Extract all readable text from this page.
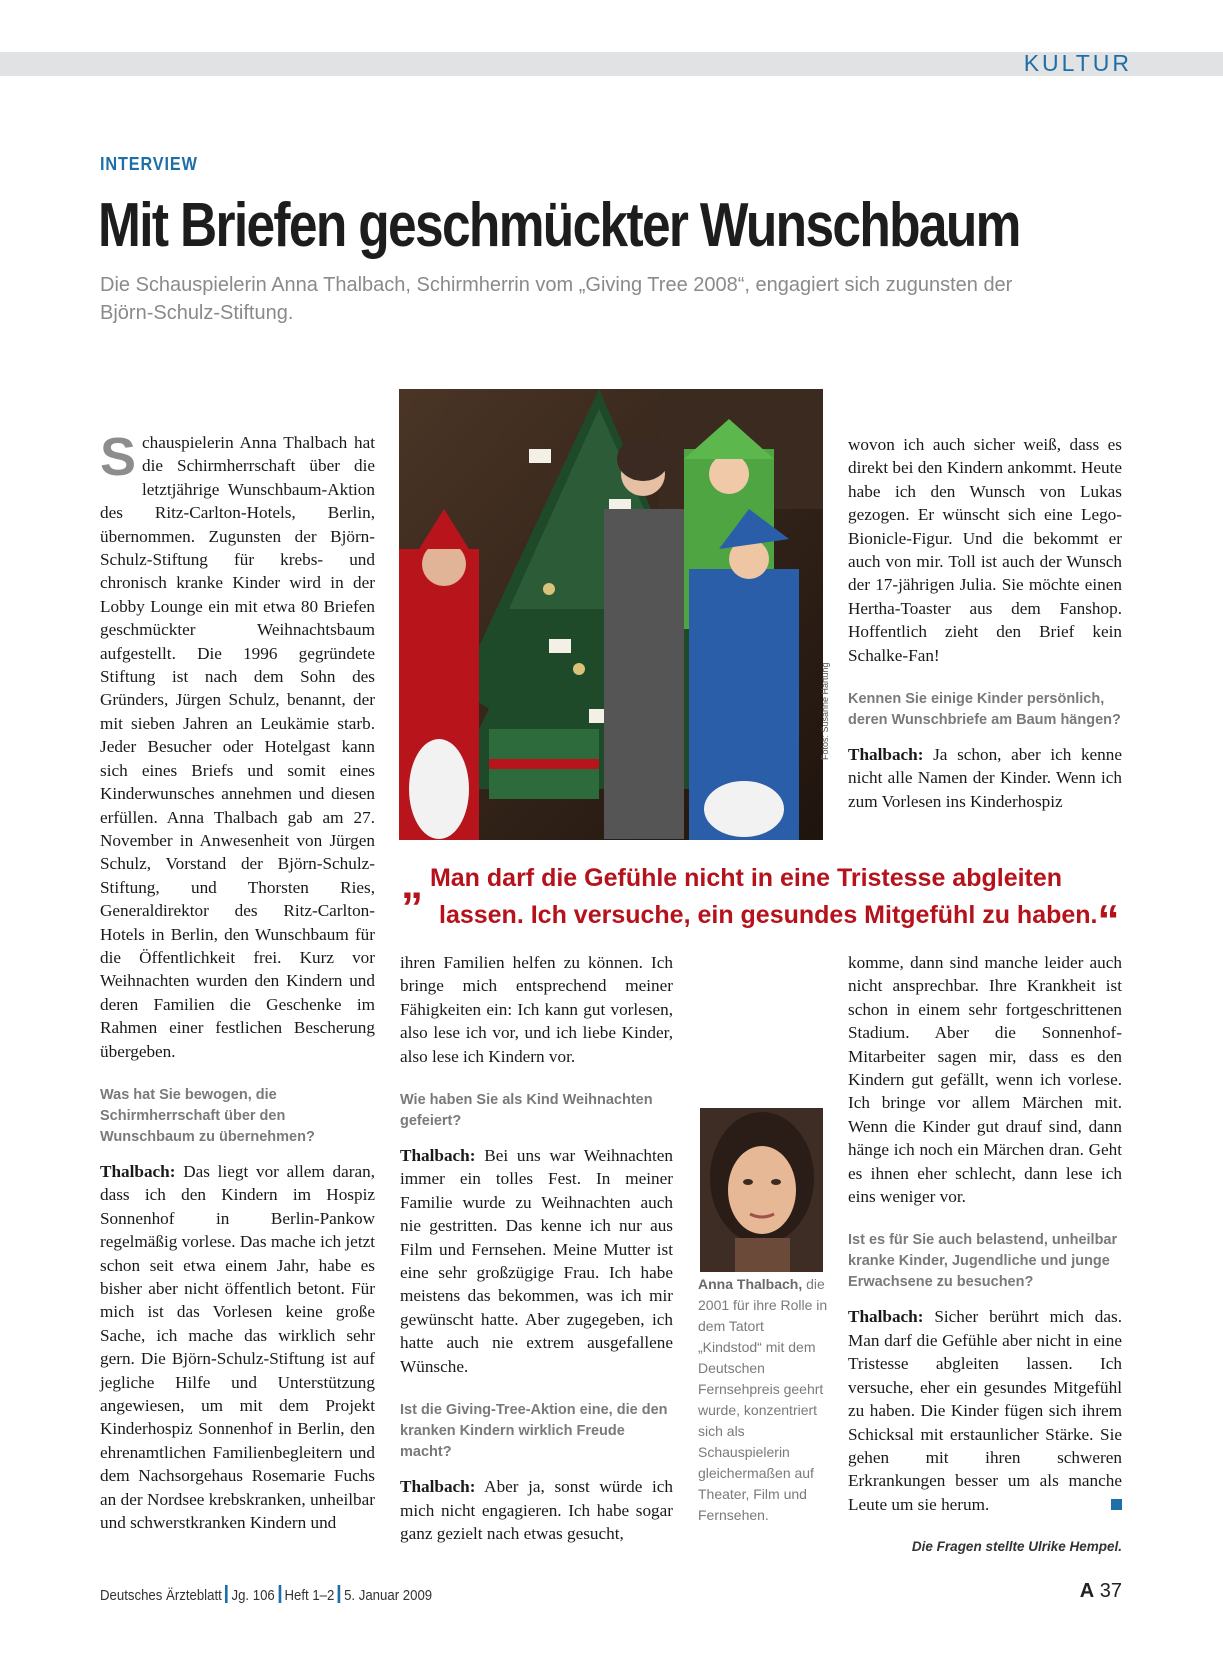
KULTUR
INTERVIEW
Mit Briefen geschmückter Wunschbaum

Die Schauspielerin Anna Thalbach, Schirmherrin vom „Giving Tree 2008“, engagiert sich zugunsten der Björn-Schulz-Stiftung.

Schauspielerin Anna Thalbach hat die Schirmherrschaft über die letztjährige Wunschbaum-Aktion des Ritz-Carlton-Hotels, Berlin, übernommen. Zugunsten der Björn-Schulz-Stiftung für krebs- und chronisch kranke Kinder wird in der Lobby Lounge ein mit etwa 80 Briefen geschmückter Weihnachtsbaum aufgestellt. Die 1996 gegründete Stiftung ist nach dem Sohn des Gründers, Jürgen Schulz, benannt, der mit sieben Jahren an Leukämie starb. Jeder Besucher oder Hotelgast kann sich eines Briefs und somit eines Kinderwunsches annehmen und diesen erfüllen. Anna Thalbach gab am 27. November in Anwesenheit von Jürgen Schulz, Vorstand der Björn-Schulz-Stiftung, und Thorsten Ries, Generaldirektor des Ritz-Carlton-Hotels in Berlin, den Wunschbaum für die Öffentlichkeit frei. Kurz vor Weihnachten wurden den Kindern und deren Familien die Geschenke im Rahmen einer festlichen Bescherung übergeben.

Was hat Sie bewogen, die Schirmherrschaft über den Wunschbaum zu übernehmen?

Thalbach: Das liegt vor allem daran, dass ich den Kindern im Hospiz Sonnenhof in Berlin-Pankow regelmäßig vorlese. Das mache ich jetzt schon seit etwa einem Jahr, habe es bisher aber nicht öffentlich betont. Für mich ist das Vorlesen keine große Sache, ich mache das wirklich sehr gern. Die Björn-Schulz-Stiftung ist auf jegliche Hilfe und Unterstützung angewiesen, um mit dem Projekt Kinderhospiz Sonnenhof in Berlin, den ehrenamtlichen Familienbegleitern und dem Nachsorgehaus Rosemarie Fuchs an der Nordsee krebskranken, unheilbar und schwerstkranken Kindern und

Fotos: Susanne Hartung

wovon ich auch sicher weiß, dass es direkt bei den Kindern ankommt. Heute habe ich den Wunsch von Lukas gezogen. Er wünscht sich eine Lego-Bionicle-Figur. Und die bekommt er auch von mir. Toll ist auch der Wunsch der 17-jährigen Julia. Sie möchte einen Hertha-Toaster aus dem Fanshop. Hoffentlich zieht den Brief kein Schalke-Fan!

Kennen Sie einige Kinder persönlich, deren Wunschbriefe am Baum hängen?

Thalbach: Ja schon, aber ich kenne nicht alle Namen der Kinder. Wenn ich zum Vorlesen ins Kinderhospiz

„ Man darf die Gefühle nicht in eine Tristesse abgleiten
lassen. Ich versuche, ein gesundes Mitgefühl zu haben.“

ihren Familien helfen zu können. Ich bringe mich entsprechend meiner Fähigkeiten ein: Ich kann gut vorlesen, also lese ich vor, und ich liebe Kinder, also lese ich Kindern vor.

Wie haben Sie als Kind Weihnachten gefeiert?

Thalbach: Bei uns war Weihnachten immer ein tolles Fest. In meiner Familie wurde zu Weihnachten auch nie gestritten. Das kenne ich nur aus Film und Fernsehen. Meine Mutter ist eine sehr großzügige Frau. Ich habe meistens das bekommen, was ich mir gewünscht hatte. Aber zugegeben, ich hatte auch nie extrem ausgefallene Wünsche.

Ist die Giving-Tree-Aktion eine, die den kranken Kindern wirklich Freude macht?

Thalbach: Aber ja, sonst würde ich mich nicht engagieren. Ich habe sogar ganz gezielt nach etwas gesucht,

Anna Thalbach, die 2001 für ihre Rolle in dem Tatort „Kindstod“ mit dem Deutschen Fernsehpreis geehrt wurde, konzentriert sich als Schauspielerin gleichermaßen auf Theater, Film und Fernsehen.

komme, dann sind manche leider auch nicht ansprechbar. Ihre Krankheit ist schon in einem sehr fortgeschrittenen Stadium. Aber die Sonnenhof-Mitarbeiter sagen mir, dass es den Kindern gut gefällt, wenn ich vorlese. Ich bringe vor allem Märchen mit. Wenn die Kinder gut drauf sind, dann hänge ich noch ein Märchen dran. Geht es ihnen eher schlecht, dann lese ich eins weniger vor.

Ist es für Sie auch belastend, unheilbar kranke Kinder, Jugendliche und junge Erwachsene zu besuchen?

Thalbach: Sicher berührt mich das. Man darf die Gefühle aber nicht in eine Tristesse abgleiten lassen. Ich versuche, eher ein gesundes Mitgefühl zu haben. Die Kinder fügen sich ihrem Schicksal mit erstaunlicher Stärke. Sie gehen mit ihren schweren Erkrankungen besser um als manche Leute um sie herum.

Die Fragen stellte Ulrike Hempel.
Deutsches Ärzteblatt Jg. 106 Heft 1–2 5. Januar 2009	A 37
